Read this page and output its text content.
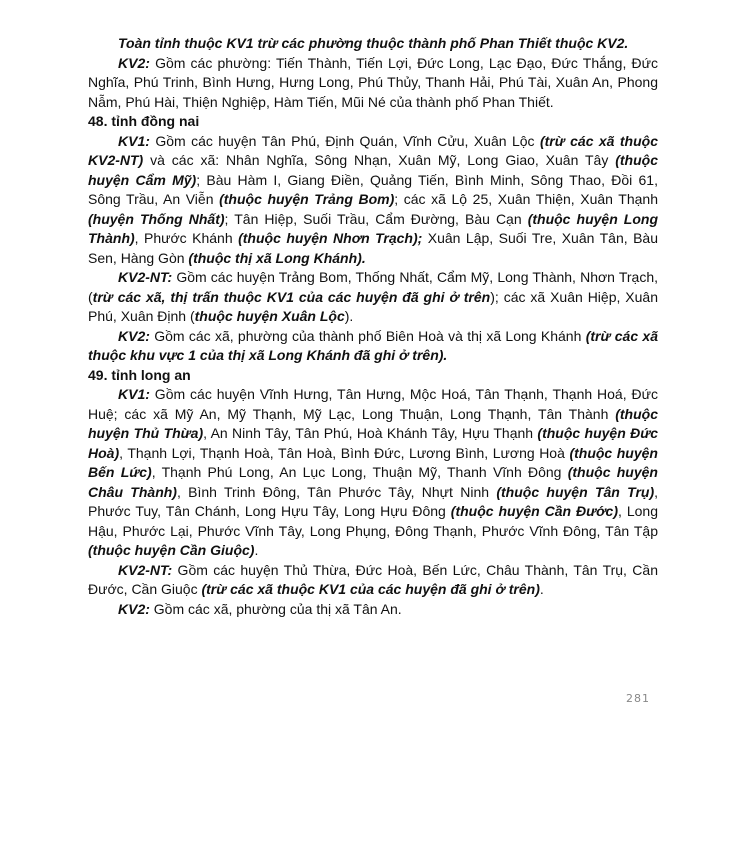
Toàn tỉnh thuộc KV1 trừ các phường thuộc thành phố Phan Thiết thuộc KV2.

KV2: Gồm các phường: Tiến Thành, Tiến Lợi, Đức Long, Lạc Đạo, Đức Thắng, Đức Nghĩa, Phú Trinh, Bình Hưng, Hưng Long, Phú Thủy, Thanh Hải, Phú Tài, Xuân An, Phong Nẫm, Phú Hài, Thiện Nghiệp, Hàm Tiến, Mũi Né của thành phố Phan Thiết.

48. tỉnh đồng nai

KV1: Gồm các huyện Tân Phú, Định Quán, Vĩnh Cửu, Xuân Lộc (trừ các xã thuộc KV2-NT) và các xã: Nhân Nghĩa, Sông Nhạn, Xuân Mỹ, Long Giao, Xuân Tây (thuộc huyện Cẩm Mỹ); Bàu Hàm I, Giang Điền, Quảng Tiến, Bình Minh, Sông Thao, Đồi 61, Sông Trầu, An Viễn (thuộc huyện Trảng Bom); các xã Lộ 25, Xuân Thiện, Xuân Thạnh (huyện Thống Nhất); Tân Hiệp, Suối Trầu, Cẩm Đường, Bàu Cạn (thuộc huyện Long Thành), Phước Khánh (thuộc huyện Nhơn Trạch); Xuân Lập, Suối Tre, Xuân Tân, Bàu Sen, Hàng Gòn (thuộc thị xã Long Khánh).

KV2-NT: Gồm các huyện Trảng Bom, Thống Nhất, Cẩm Mỹ, Long Thành, Nhơn Trạch, (trừ các xã, thị trấn thuộc KV1 của các huyện đã ghi ở trên); các xã Xuân Hiệp, Xuân Phú, Xuân Định (thuộc huyện Xuân Lộc).

KV2: Gồm các xã, phường của thành phố Biên Hoà và thị xã Long Khánh (trừ các xã thuộc khu vực 1 của thị xã Long Khánh đã ghi ở trên).

49. tỉnh long an

KV1: Gồm các huyện Vĩnh Hưng, Tân Hưng, Mộc Hoá, Tân Thạnh, Thạnh Hoá, Đức Huệ; các xã Mỹ An, Mỹ Thạnh, Mỹ Lạc, Long Thuận, Long Thạnh, Tân Thành (thuộc huyện Thủ Thừa), An Ninh Tây, Tân Phú, Hoà Khánh Tây, Hựu Thạnh (thuộc huyện Đức Hoà), Thạnh Lợi, Thạnh Hoà, Tân Hoà, Bình Đức, Lương Bình, Lương Hoà (thuộc huyện Bến Lức), Thạnh Phú Long, An Lục Long, Thuận Mỹ, Thanh Vĩnh Đông (thuộc huyện Châu Thành), Bình Trinh Đông, Tân Phước Tây, Nhựt Ninh (thuộc huyện Tân Trụ), Phước Tuy, Tân Chánh, Long Hựu Tây, Long Hựu Đông (thuộc huyện Cần Đước), Long Hậu, Phước Lại, Phước Vĩnh Tây, Long Phụng, Đông Thạnh, Phước Vĩnh Đông, Tân Tập (thuộc huyện Cần Giuộc).

KV2-NT: Gồm các huyện Thủ Thừa, Đức Hoà, Bến Lức, Châu Thành, Tân Trụ, Cần Đước, Cần Giuộc (trừ các xã thuộc KV1 của các huyện đã ghi ở trên).

KV2: Gồm các xã, phường của thị xã Tân An.

281
